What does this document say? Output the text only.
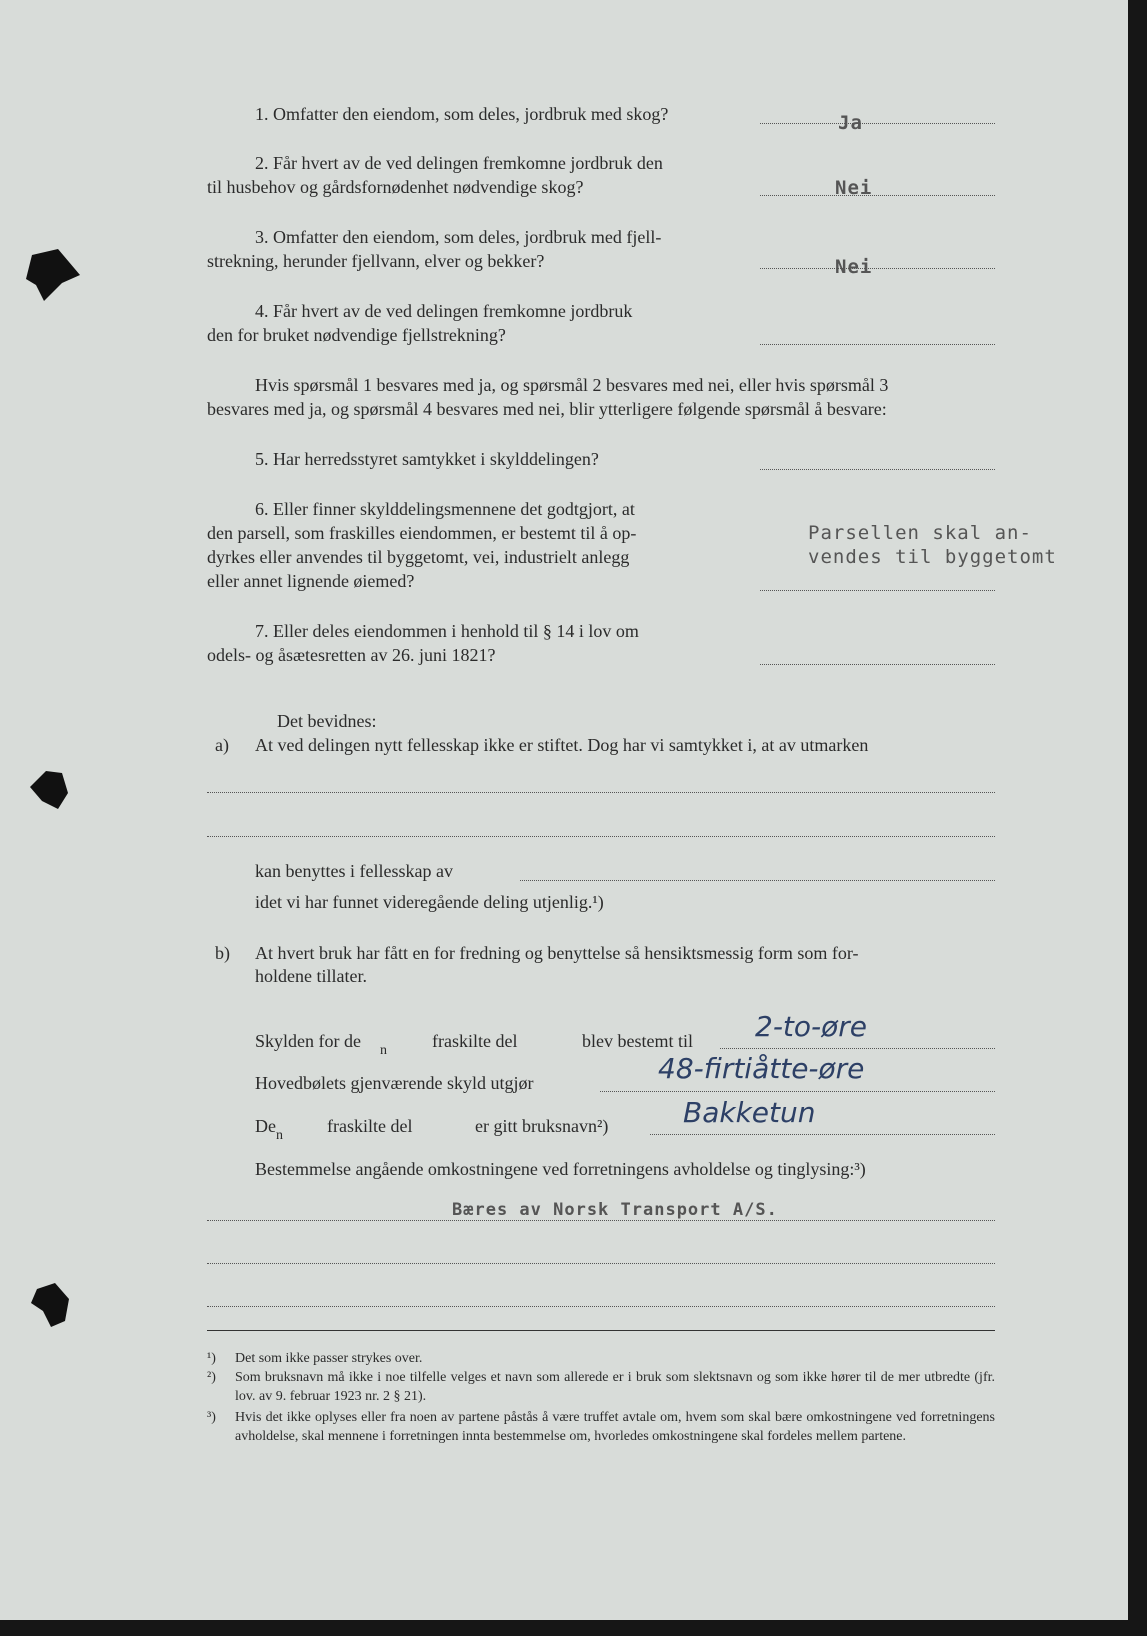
1. Omfatter den eiendom, som deles, jordbruk med skog?	Ja
2. Får hvert av de ved delingen fremkomne jordbruk den
til husbehov og gårdsfornødenhet nødvendige skog?	Nei
3. Omfatter den eiendom, som deles, jordbruk med fjell-
strekning, herunder fjellvann, elver og bekker?	Nei
4. Får hvert av de ved delingen fremkomne jordbruk
den for bruket nødvendige fjellstrekning?
Hvis spørsmål 1 besvares med ja, og spørsmål 2 besvares med nei, eller hvis spørsmål 3
besvares med ja, og spørsmål 4 besvares med nei, blir ytterligere følgende spørsmål å besvare:
5. Har herredsstyret samtykket i skylddelingen?
6. Eller finner skylddelingsmennene det godtgjort, at
den parsell, som fraskilles eiendommen, er bestemt til å op-
dyrkes eller anvendes til byggetomt, vei, industrielt anlegg
eller annet lignende øiemed?
Parsellen skal an-
vendes til byggetomt
7. Eller deles eiendommen i henhold til § 14 i lov om
odels- og åsætesretten av 26. juni 1821?
Det bevidnes:
a) At ved delingen nytt fellesskap ikke er stiftet. Dog har vi samtykket i, at av utmarken
kan benyttes i fellesskap av
idet vi har funnet videregående deling utjenlig.¹)
b) At hvert bruk har fått en for fredning og benyttelse så hensiktsmessig form som for-
holdene tillater.
Skylden for de n	fraskilte del	blev bestemt til 2-to-øre
Hovedbølets gjenværende skyld utgjør	48-firtiåtte-øre
De n fraskilte del	er gitt bruksnavn²)	Bakketun
Bestemmelse angående omkostningene ved forretningens avholdelse og tinglysing:³)
Bæres av Norsk Transport A/S.
¹) Det som ikke passer strykes over.
²) Som bruksnavn må ikke i noe tilfelle velges et navn som allerede er i bruk som slektsnavn og som ikke hører til de mer utbredte (jfr. lov. av 9. februar 1923 nr. 2 § 21).
³) Hvis det ikke oplyses eller fra noen av partene påstås å være truffet avtale om, hvem som skal bære omkostningene ved forretningens avholdelse, skal mennene i forretningen innta bestemmelse om, hvorledes omkostningene skal fordeles mellem partene.
